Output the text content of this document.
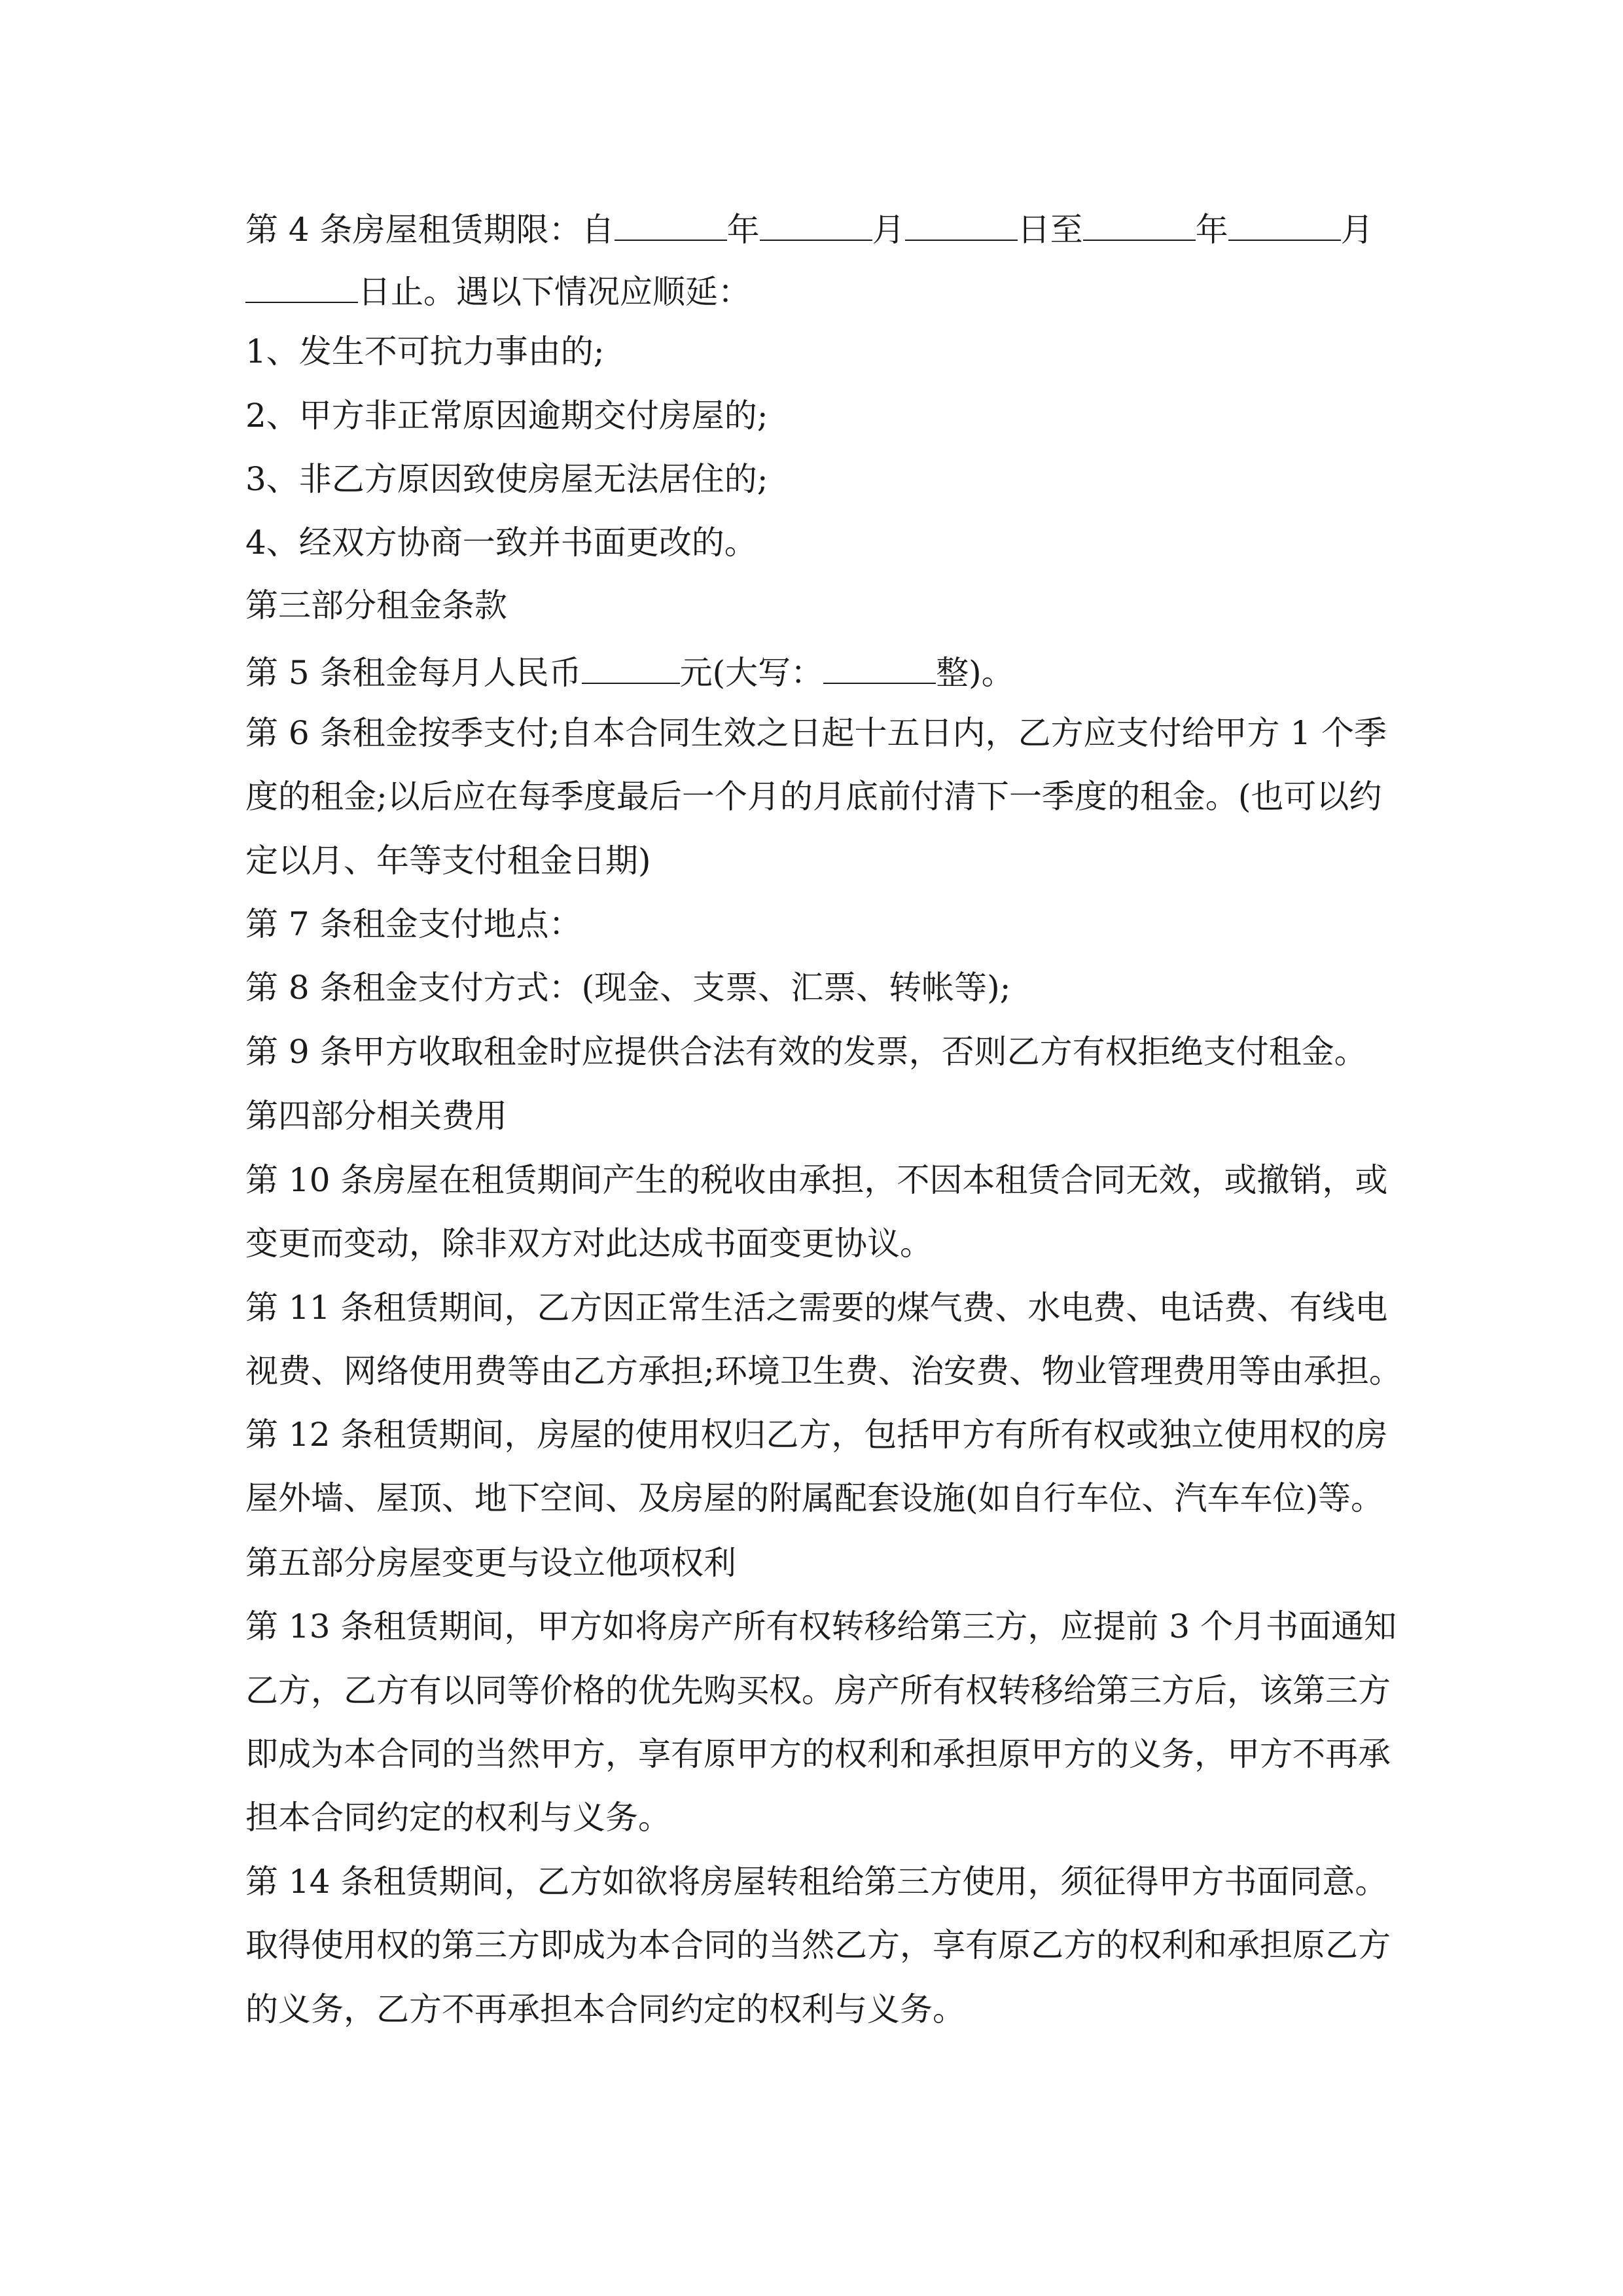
第 4 条房屋租赁期限：自	年	月	日至	年	月
日止。遇以下情况应顺延：
1、发生不可抗力事由的;
2、甲方非正常原因逾期交付房屋的;
3、非乙方原因致使房屋无法居住的;
4、经双方协商一致并书面更改的。
第三部分租金条款
第 5 条租金每月人民币	元(大写：	整)。
第 6 条租金按季支付;自本合同生效之日起十五日内，乙方应支付给甲方 1 个季
度的租金;以后应在每季度最后一个月的月底前付清下一季度的租金。(也可以约
定以月、年等支付租金日期)
第 7 条租金支付地点：
第 8 条租金支付方式：(现金、支票、汇票、转帐等);
第 9 条甲方收取租金时应提供合法有效的发票，否则乙方有权拒绝支付租金。
第四部分相关费用
第 10 条房屋在租赁期间产生的税收由承担，不因本租赁合同无效，或撤销，或
变更而变动，除非双方对此达成书面变更协议。
第 11 条租赁期间，乙方因正常生活之需要的煤气费、水电费、电话费、有线电
视费、网络使用费等由乙方承担;环境卫生费、治安费、物业管理费用等由承担。
第 12 条租赁期间，房屋的使用权归乙方，包括甲方有所有权或独立使用权的房
屋外墙、屋顶、地下空间、及房屋的附属配套设施(如自行车位、汽车车位)等。
第五部分房屋变更与设立他项权利
第 13 条租赁期间，甲方如将房产所有权转移给第三方，应提前 3 个月书面通知
乙方，乙方有以同等价格的优先购买权。房产所有权转移给第三方后，该第三方
即成为本合同的当然甲方，享有原甲方的权利和承担原甲方的义务，甲方不再承
担本合同约定的权利与义务。
第 14 条租赁期间，乙方如欲将房屋转租给第三方使用，须征得甲方书面同意。
取得使用权的第三方即成为本合同的当然乙方，享有原乙方的权利和承担原乙方
的义务，乙方不再承担本合同约定的权利与义务。
